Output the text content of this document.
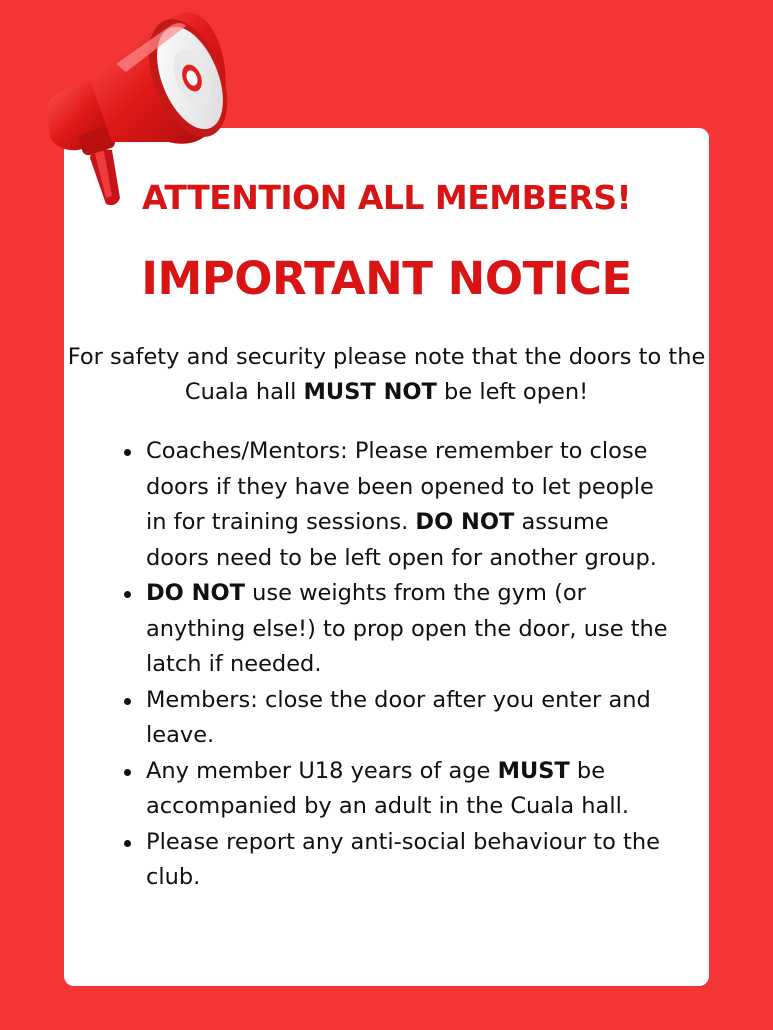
ATTENTION ALL MEMBERS!

IMPORTANT NOTICE

For safety and security please note that the doors to the Cuala hall MUST NOT be left open!

Coaches/Mentors: Please remember to close doors if they have been opened to let people in for training sessions. DO NOT assume doors need to be left open for another group.
DO NOT use weights from the gym (or anything else!) to prop open the door, use the latch if needed.
Members: close the door after you enter and leave.
Any member U18 years of age MUST be accompanied by an adult in the Cuala hall.
Please report any anti-social behaviour to the club.
